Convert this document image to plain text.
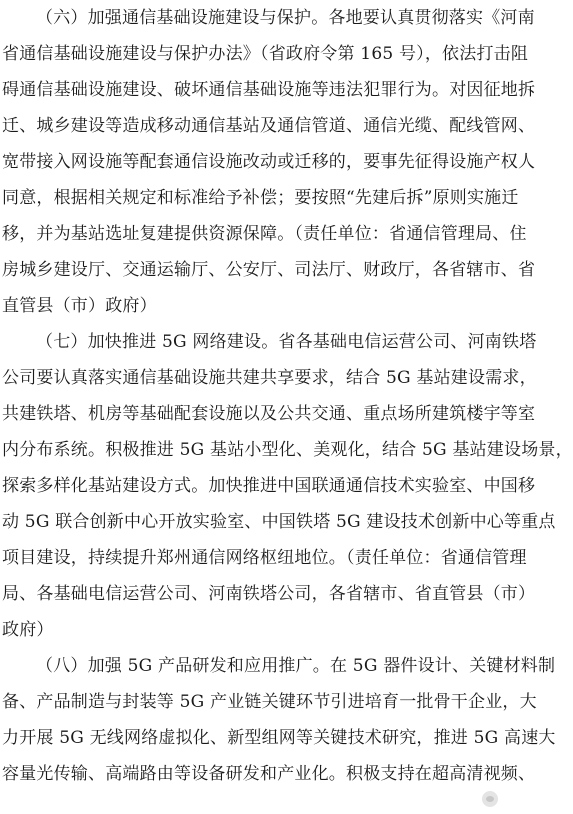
（六）加强通信基础设施建设与保护。各地要认真贯彻落实《河南
省通信基础设施建设与保护办法》（省政府令第 165 号），依法打击阻
碍通信基础设施建设、破坏通信基础设施等违法犯罪行为。对因征地拆
迁、城乡建设等造成移动通信基站及通信管道、通信光缆、配线管网、
宽带接入网设施等配套通信设施改动或迁移的，要事先征得设施产权人
同意，根据相关规定和标准给予补偿；要按照“先建后拆”原则实施迁
移，并为基站选址复建提供资源保障。（责任单位：省通信管理局、住
房城乡建设厅、交通运输厅、公安厅、司法厅、财政厅，各省辖市、省
直管县（市）政府）
（七）加快推进 5G 网络建设。省各基础电信运营公司、河南铁塔
公司要认真落实通信基础设施共建共享要求，结合 5G 基站建设需求，
共建铁塔、机房等基础配套设施以及公共交通、重点场所建筑楼宇等室
内分布系统。积极推进 5G 基站小型化、美观化，结合 5G 基站建设场景，
探索多样化基站建设方式。加快推进中国联通通信技术实验室、中国移
动 5G 联合创新中心开放实验室、中国铁塔 5G 建设技术创新中心等重点
项目建设，持续提升郑州通信网络枢纽地位。（责任单位：省通信管理
局、各基础电信运营公司、河南铁塔公司，各省辖市、省直管县（市）
政府）
（八）加强 5G 产品研发和应用推广。在 5G 器件设计、关键材料制
备、产品制造与封装等 5G 产业链关键环节引进培育一批骨干企业，大
力开展 5G 无线网络虚拟化、新型组网等关键技术研究，推进 5G 高速大
容量光传输、高端路由等设备研发和产业化。积极支持在超高清视频、
